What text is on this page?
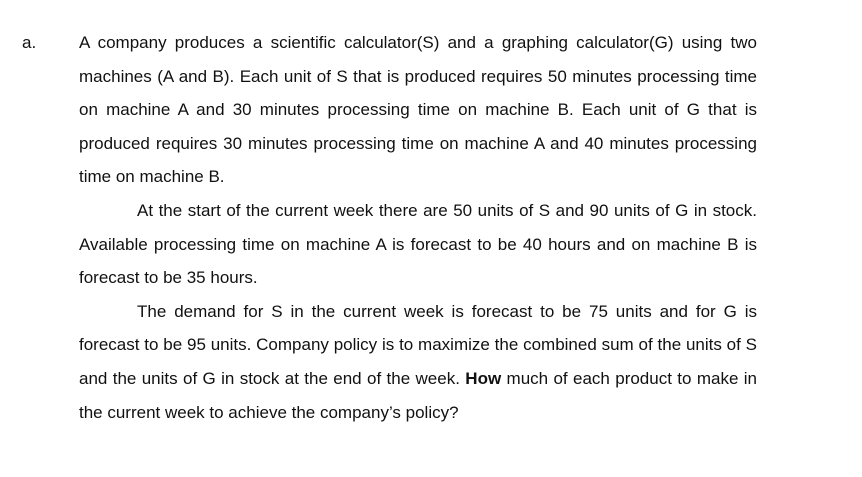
a.	A company produces a scientific calculator(S) and a graphing calculator(G) using two machines (A and B). Each unit of S that is produced requires 50 minutes processing time on machine A and 30 minutes processing time on machine B. Each unit of G that is produced requires 30 minutes processing time on machine A and 40 minutes processing time on machine B.

At the start of the current week there are 50 units of S and 90 units of G in stock. Available processing time on machine A is forecast to be 40 hours and on machine B is forecast to be 35 hours.

The demand for S in the current week is forecast to be 75 units and for G is forecast to be 95 units. Company policy is to maximize the combined sum of the units of S and the units of G in stock at the end of the week. How much of each product to make in the current week to achieve the company’s policy?
